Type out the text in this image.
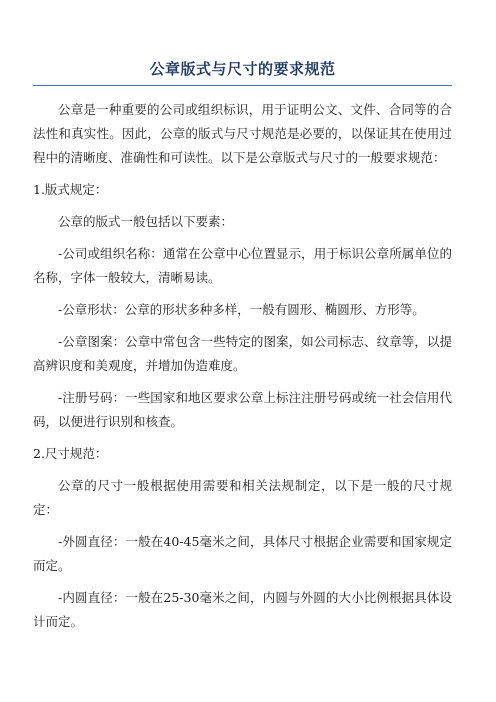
公章版式与尺寸的要求规范

公章是一种重要的公司或组织标识，用于证明公文、文件、合同等的合法性和真实性。因此，公章的版式与尺寸规范是必要的，以保证其在使用过程中的清晰度、准确性和可读性。以下是公章版式与尺寸的一般要求规范：

1.版式规定：

公章的版式一般包括以下要素：

-公司或组织名称：通常在公章中心位置显示，用于标识公章所属单位的名称，字体一般较大，清晰易读。

-公章形状：公章的形状多种多样，一般有圆形、椭圆形、方形等。

-公章图案：公章中常包含一些特定的图案，如公司标志、纹章等，以提高辨识度和美观度，并增加伪造难度。

-注册号码：一些国家和地区要求公章上标注注册号码或统一社会信用代码，以便进行识别和核查。

2.尺寸规范：

公章的尺寸一般根据使用需要和相关法规制定，以下是一般的尺寸规定：

-外圆直径：一般在40-45毫米之间，具体尺寸根据企业需要和国家规定而定。

-内圆直径：一般在25-30毫米之间，内圆与外圆的大小比例根据具体设计而定。
